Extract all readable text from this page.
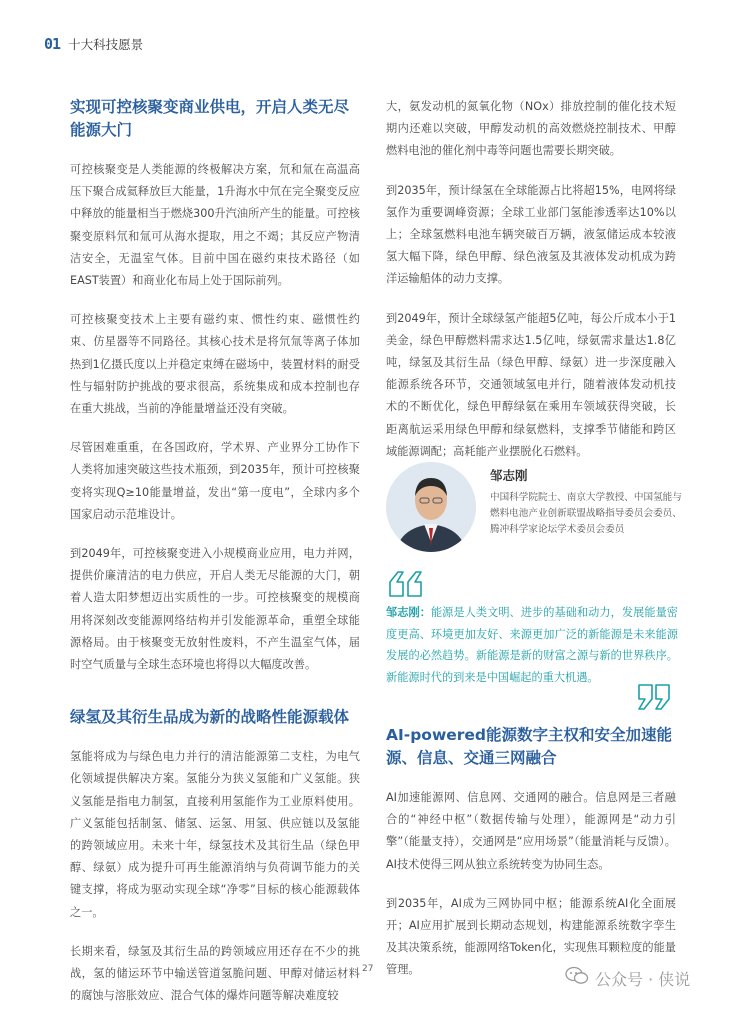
01 十大科技愿景
实现可控核聚变商业供电，开启人类无尽能源大门

可控核聚变是人类能源的终极解决方案，氘和氚在高温高压下聚合成氦释放巨大能量，1升海水中氘在完全聚变反应中释放的能量相当于燃烧300升汽油所产生的能量。可控核聚变原料氘和氚可从海水提取，用之不竭；其反应产物清洁安全，无温室气体。目前中国在磁约束技术路径（如EAST装置）和商业化布局上处于国际前列。

可控核聚变技术上主要有磁约束、惯性约束、磁惯性约束、仿星器等不同路径。其核心技术是将氘氚等离子体加热到1亿摄氏度以上并稳定束缚在磁场中，装置材料的耐受性与辐射防护挑战的要求很高，系统集成和成本控制也存在重大挑战，当前的净能量增益还没有突破。

尽管困难重重，在各国政府，学术界、产业界分工协作下人类将加速突破这些技术瓶颈，到2035年，预计可控核聚变将实现Q≥10能量增益，发出“第一度电”，全球内多个国家启动示范堆设计。

到2049年，可控核聚变进入小规模商业应用，电力并网，提供价廉清洁的电力供应，开启人类无尽能源的大门，朝着人造太阳梦想迈出实质性的一步。可控核聚变的规模商用将深刻改变能源网络结构并引发能源革命，重塑全球能源格局。由于核聚变无放射性废料，不产生温室气体，届时空气质量与全球生态环境也将得以大幅度改善。

绿氢及其衍生品成为新的战略性能源载体

氢能将成为与绿色电力并行的清洁能源第二支柱，为电气化领域提供解决方案。氢能分为狭义氢能和广义氢能。狭义氢能是指电力制氢，直接利用氢能作为工业原料使用。广义氢能包括制氢、储氢、运氢、用氢、供应链以及氢能的跨领域应用。未来十年，绿氢技术及其衍生品（绿色甲醇、绿氨）成为提升可再生能源消纳与负荷调节能力的关键支撑，将成为驱动实现全球“净零”目标的核心能源载体之一。

长期来看，绿氢及其衍生品的跨领域应用还存在不少的挑战，氢的储运环节中输送管道氢脆问题、甲醇对储运材料的腐蚀与溶胀效应、混合气体的爆炸问题等解决难度较

大，氨发动机的氮氧化物（NOx）排放控制的催化技术短期内还难以突破，甲醇发动机的高效燃烧控制技术、甲醇燃料电池的催化剂中毒等问题也需要长期突破。

到2035年，预计绿氢在全球能源占比将超15%，电网将绿氢作为重要调峰资源；全球工业部门氢能渗透率达10%以上；全球氢燃料电池车辆突破百万辆，液氢储运成本较液氢大幅下降，绿色甲醇、绿色液氢及其液体发动机成为跨洋运输船体的动力支撑。

到2049年，预计全球绿氢产能超5亿吨，每公斤成本小于1美金，绿色甲醇燃料需求达1.5亿吨，绿氨需求量达1.8亿吨，绿氢及其衍生品（绿色甲醇、绿氨）进一步深度融入能源系统各环节，交通领域氢电并行，随着液体发动机技术的不断优化，绿色甲醇绿氨在乘用车领域获得突破，长距离航运采用绿色甲醇和绿氨燃料，支撑季节储能和跨区域能源调配；高耗能产业摆脱化石燃料。

邹志刚
中国科学院院士、南京大学教授、中国氢能与燃料电池产业创新联盟战略指导委员会委员、腾冲科学家论坛学术委员会委员
邹志刚：能源是人类文明、进步的基础和动力，发展能量密度更高、环境更加友好、来源更加广泛的新能源是未来能源发展的必然趋势。新能源是新的财富之源与新的世界秩序。新能源时代的到来是中国崛起的重大机遇。
AI-powered能源数字主权和安全加速能源、信息、交通三网融合

AI加速能源网、信息网、交通网的融合。信息网是三者融合的“神经中枢”（数据传输与处理），能源网是“动力引擎”（能量支持），交通网是“应用场景”（能量消耗与反馈）。AI技术使得三网从独立系统转变为协同生态。

到2035年，AI成为三网协同中枢；能源系统AI化全面展开；AI应用扩展到长期动态规划，构建能源系统数字孪生及其决策系统，能源网络Token化，实现焦耳颗粒度的能量管理。

27
公众号 · 侠说
